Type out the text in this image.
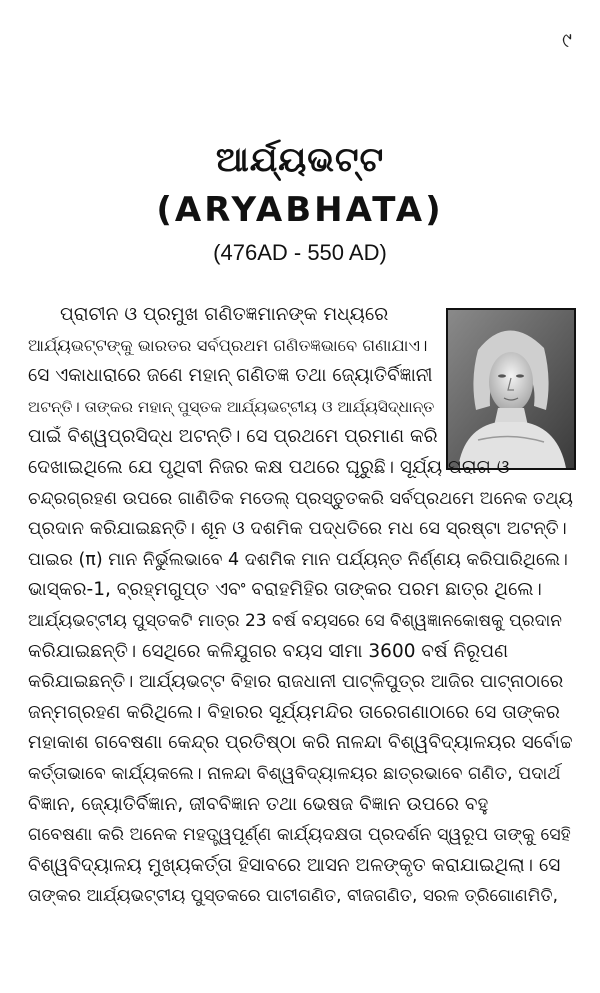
୯
ଆର୍ଯ୍ୟଭଟ୍ଟ
(ARYABHATA)
(476AD - 550 AD)
ପ୍ରାଚୀନ ଓ ପ୍ରମୁଖ ଗଣିତଜ୍ଞମାନଙ୍କ ମଧ୍ୟରେ
ଆର୍ଯ୍ୟଭଟ୍ଟଙ୍କୁ ଭାରତର ସର୍ବପ୍ରଥମ ଗଣିତଜ୍ଞଭାବେ ଗଣାଯାଏ।
ସେ ଏକାଧାରାରେ ଜଣେ ମହାନ୍ ଗଣିତଜ୍ଞ ତଥା ଜ୍ୟୋତିର୍ବିଜ୍ଞାନୀ
ଅଟନ୍ତି। ତାଙ୍କର ମହାନ୍ ପୁସ୍ତକ ଆର୍ଯ୍ୟଭଟ୍ଟୀୟ ଓ ଆର୍ଯ୍ୟସିଦ୍ଧାନ୍ତ
ପାଇଁ ବିଶ୍ୱପ୍ରସିଦ୍ଧ ଅଟନ୍ତି। ସେ ପ୍ରଥମେ ପ୍ରମାଣ କରି
ଦେଖାଇଥିଲେ ଯେ ପୃଥିବୀ ନିଜର କକ୍ଷ ପଥରେ ଘୂରୁଛି। ସୂର୍ଯ୍ୟ ପରାଗ ଓ
ଚନ୍ଦ୍ରଗ୍ରହଣ ଉପରେ ଗାଣିତିକ ମଡେଲ୍ ପ୍ରସ୍ତୁତକରି ସର୍ବପ୍ରଥମେ ଅନେକ ତଥ୍ୟ
ପ୍ରଦାନ କରିଯାଇଛନ୍ତି। ଶୂନ ଓ ଦଶମିକ ପଦ୍ଧତିରେ ମଧ ସେ ସ୍ରଷ୍ଟା ଅଟନ୍ତି।
ପାଇର (π) ମାନ ନିର୍ଭୁଲଭାବେ 4 ଦଶମିକ ମାନ ପର୍ଯ୍ୟନ୍ତ ନିର୍ଣ୍ଣୟ କରିପାରିଥିଲେ।
ଭାସ୍କର-1, ବ୍ରହ୍ମଗୁପ୍ତ ଏବଂ ବରାହମିହିର ତାଙ୍କର ପରମ ଛାତ୍ର ଥିଲେ।
ଆର୍ଯ୍ୟଭଟ୍ଟୀୟ ପୁସ୍ତକଟି ମାତ୍ର 23 ବର୍ଷ ବୟସରେ ସେ ବିଶ୍ୱଜ୍ଞାନକୋଷକୁ ପ୍ରଦାନ
କରିଯାଇଛନ୍ତି। ସେଥିରେ କଳିଯୁଗର ବୟସ ସୀମା 3600 ବର୍ଷ ନିରୂପଣ
କରିଯାଇଛନ୍ତି। ଆର୍ଯ୍ୟଭଟ୍ଟ ବିହାର ରାଜଧାନୀ ପାଟ୍ଳିପୁତ୍ର ଆଜିର ପାଟ୍ନାଠାରେ
ଜନ୍ମଗ୍ରହଣ କରିଥିଲେ। ବିହାରର ସୂର୍ଯ୍ୟମନ୍ଦିର ତାରେଗଣାଠାରେ ସେ ତାଙ୍କର
ମହାକାଶ ଗବେଷଣା କେନ୍ଦ୍ର ପ୍ରତିଷ୍ଠା କରି ନାଳନ୍ଦା ବିଶ୍ୱବିଦ୍ୟାଳୟର ସର୍ବୋଚ୍ଚ
କର୍ତ୍ତାଭାବେ କାର୍ଯ୍ୟକଲେ। ନାଳନ୍ଦା ବିଶ୍ୱବିଦ୍ୟାଳୟର ଛାତ୍ରଭାବେ ଗଣିତ, ପଦାର୍ଥ
ବିଜ୍ଞାନ, ଜ୍ୟୋତିର୍ବିଜ୍ଞାନ, ଜୀବବିଜ୍ଞାନ ତଥା ଭେଷଜ ବିଜ୍ଞାନ ଉପରେ ବହୁ
ଗବେଷଣା କରି ଅନେକ ମହତ୍ତ୍ୱପୂର୍ଣ୍ଣ କାର୍ଯ୍ୟଦକ୍ଷତା ପ୍ରଦର୍ଶନ ସ୍ୱରୂପ ତାଙ୍କୁ ସେହି
ବିଶ୍ୱବିଦ୍ୟାଳୟ ମୁଖ୍ୟକର୍ତ୍ତା ହିସାବରେ ଆସନ ଅଳଙ୍କୃତ କରାଯାଇଥିଲା। ସେ
ତାଙ୍କର ଆର୍ଯ୍ୟଭଟ୍ଟୀୟ ପୁସ୍ତକରେ ପାଟୀଗଣିତ, ବୀଜଗଣିତ, ସରଳ ତ୍ରିଗୋଣମିତି,
